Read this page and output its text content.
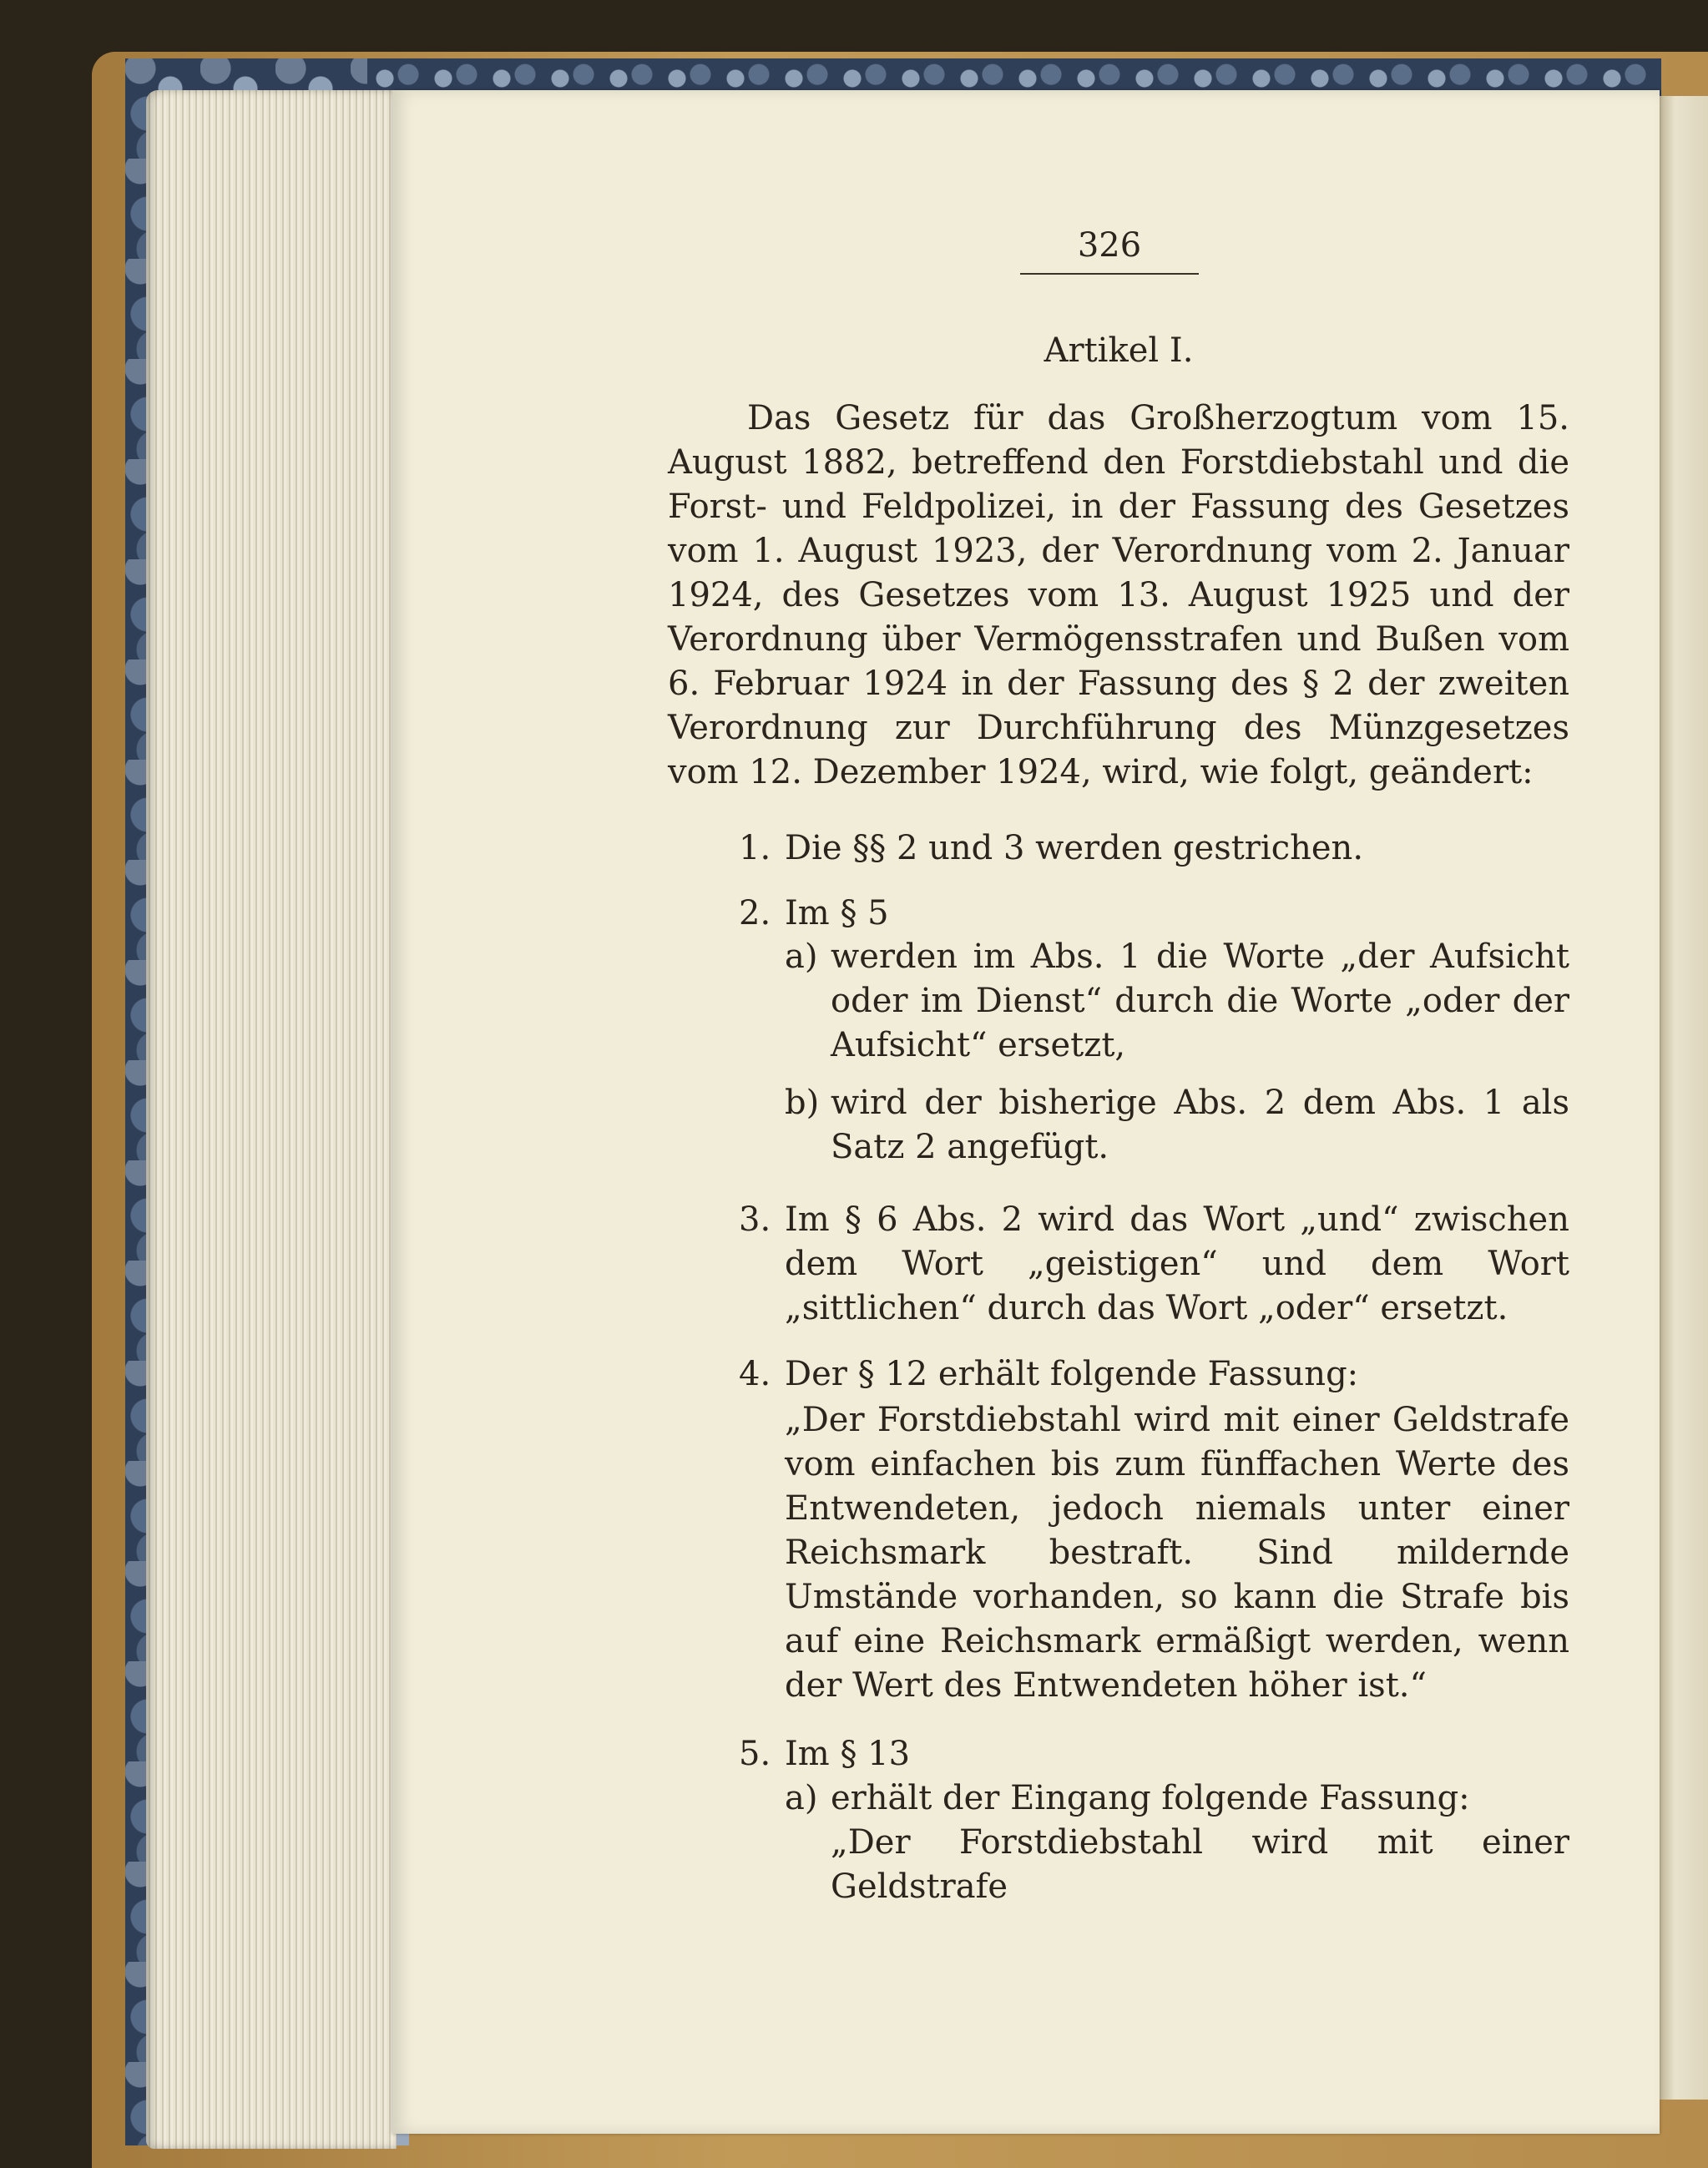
326
Artikel I.
Das Gesetz für das Großherzogtum vom 15. August 1882, betreffend den Forstdiebstahl und die Forst- und Feldpolizei, in der Fassung des Gesetzes vom 1. August 1923, der Verordnung vom 2. Januar 1924, des Gesetzes vom 13. August 1925 und der Verordnung über Vermögensstrafen und Bußen vom 6. Februar 1924 in der Fassung des § 2 der zweiten Verordnung zur Durchführung des Münzgesetzes vom 12. Dezember 1924, wird, wie folgt, geändert:
1. Die §§ 2 und 3 werden gestrichen.
2. Im § 5
a) werden im Abs. 1 die Worte „der Aufsicht oder im Dienst“ durch die Worte „oder der Aufsicht“ ersetzt,
b) wird der bisherige Abs. 2 dem Abs. 1 als Satz 2 angefügt.
3. Im § 6 Abs. 2 wird das Wort „und“ zwischen dem Wort „geistigen“ und dem Wort „sittlichen“ durch das Wort „oder“ ersetzt.
4. Der § 12 erhält folgende Fassung:
„Der Forstdiebstahl wird mit einer Geldstrafe vom einfachen bis zum fünffachen Werte des Entwendeten, jedoch niemals unter einer Reichsmark bestraft. Sind mildernde Umstände vorhanden, so kann die Strafe bis auf eine Reichsmark ermäßigt werden, wenn der Wert des Entwendeten höher ist.“
5. Im § 13
a) erhält der Eingang folgende Fassung:
„Der Forstdiebstahl wird mit einer Geldstrafe
